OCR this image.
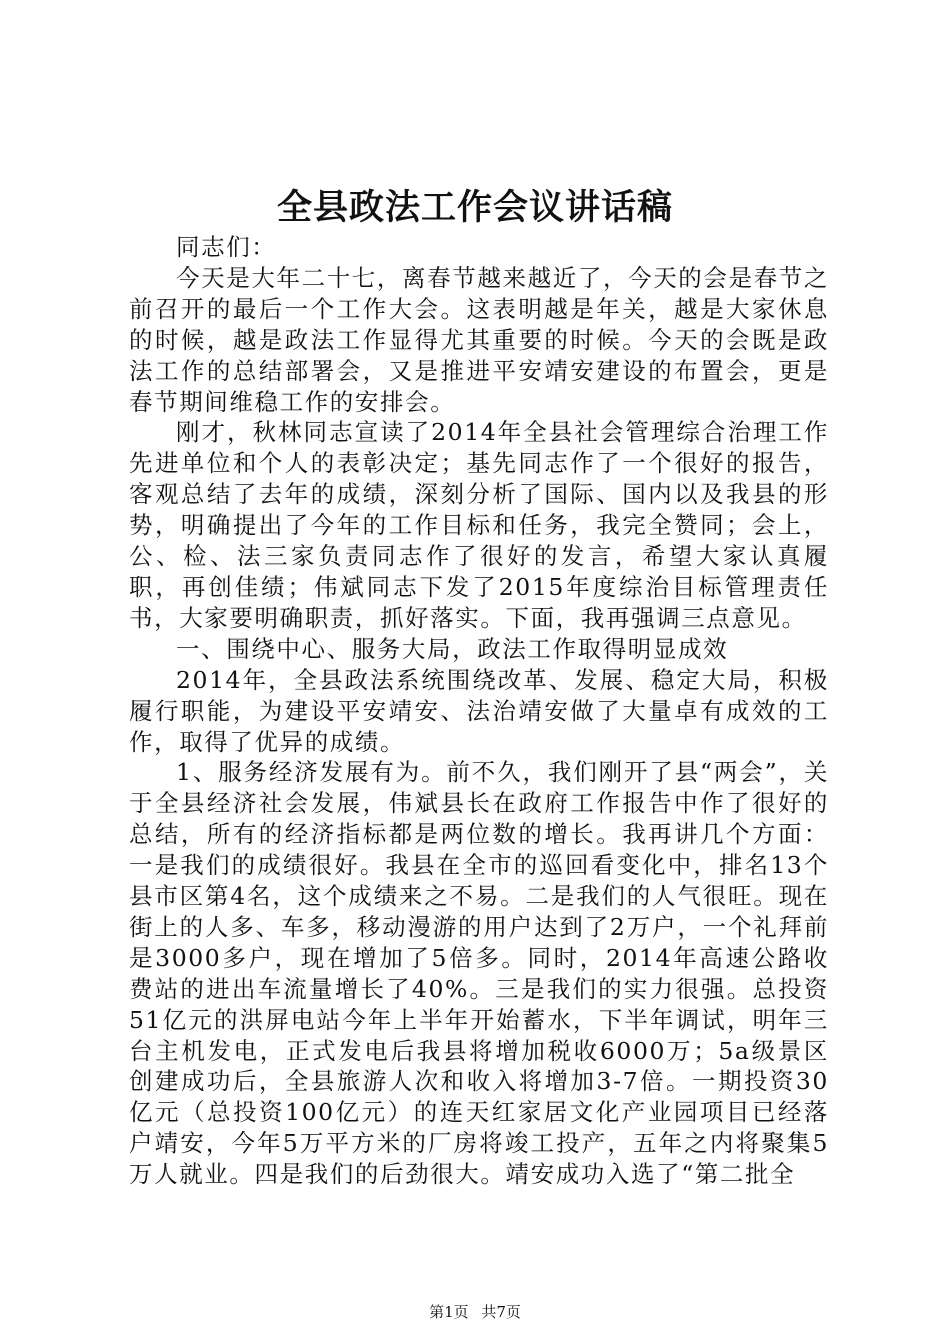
全县政法工作会议讲话稿

同志们：

今天是大年二十七，离春节越来越近了，今天的会是春节之前召开的最后一个工作大会。这表明越是年关，越是大家休息的时候，越是政法工作显得尤其重要的时候。今天的会既是政法工作的总结部署会，又是推进平安靖安建设的布置会，更是春节期间维稳工作的安排会。

刚才，秋林同志宣读了2014年全县社会管理综合治理工作先进单位和个人的表彰决定；基先同志作了一个很好的报告，客观总结了去年的成绩，深刻分析了国际、国内以及我县的形势，明确提出了今年的工作目标和任务，我完全赞同；会上，公、检、法三家负责同志作了很好的发言，希望大家认真履职，再创佳绩；伟斌同志下发了2015年度综治目标管理责任书，大家要明确职责，抓好落实。下面，我再强调三点意见。

一、围绕中心、服务大局，政法工作取得明显成效

2014年，全县政法系统围绕改革、发展、稳定大局，积极履行职能，为建设平安靖安、法治靖安做了大量卓有成效的工作，取得了优异的成绩。

1、服务经济发展有为。前不久，我们刚开了县“两会”，关于全县经济社会发展，伟斌县长在政府工作报告中作了很好的总结，所有的经济指标都是两位数的增长。我再讲几个方面：一是我们的成绩很好。我县在全市的巡回看变化中，排名13个县市区第4名，这个成绩来之不易。二是我们的人气很旺。现在街上的人多、车多，移动漫游的用户达到了2万户，一个礼拜前是3000多户，现在增加了5倍多。同时，2014年高速公路收费站的进出车流量增长了40%。三是我们的实力很强。总投资51亿元的洪屏电站今年上半年开始蓄水，下半年调试，明年三台主机发电，正式发电后我县将增加税收6000万；5a级景区创建成功后，全县旅游人次和收入将增加3-7倍。一期投资30亿元（总投资100亿元）的连天红家居文化产业园项目已经落户靖安，今年5万平方米的厂房将竣工投产，五年之内将聚集5万人就业。四是我们的后劲很大。靖安成功入选了“第二批全

第1页 共7页
